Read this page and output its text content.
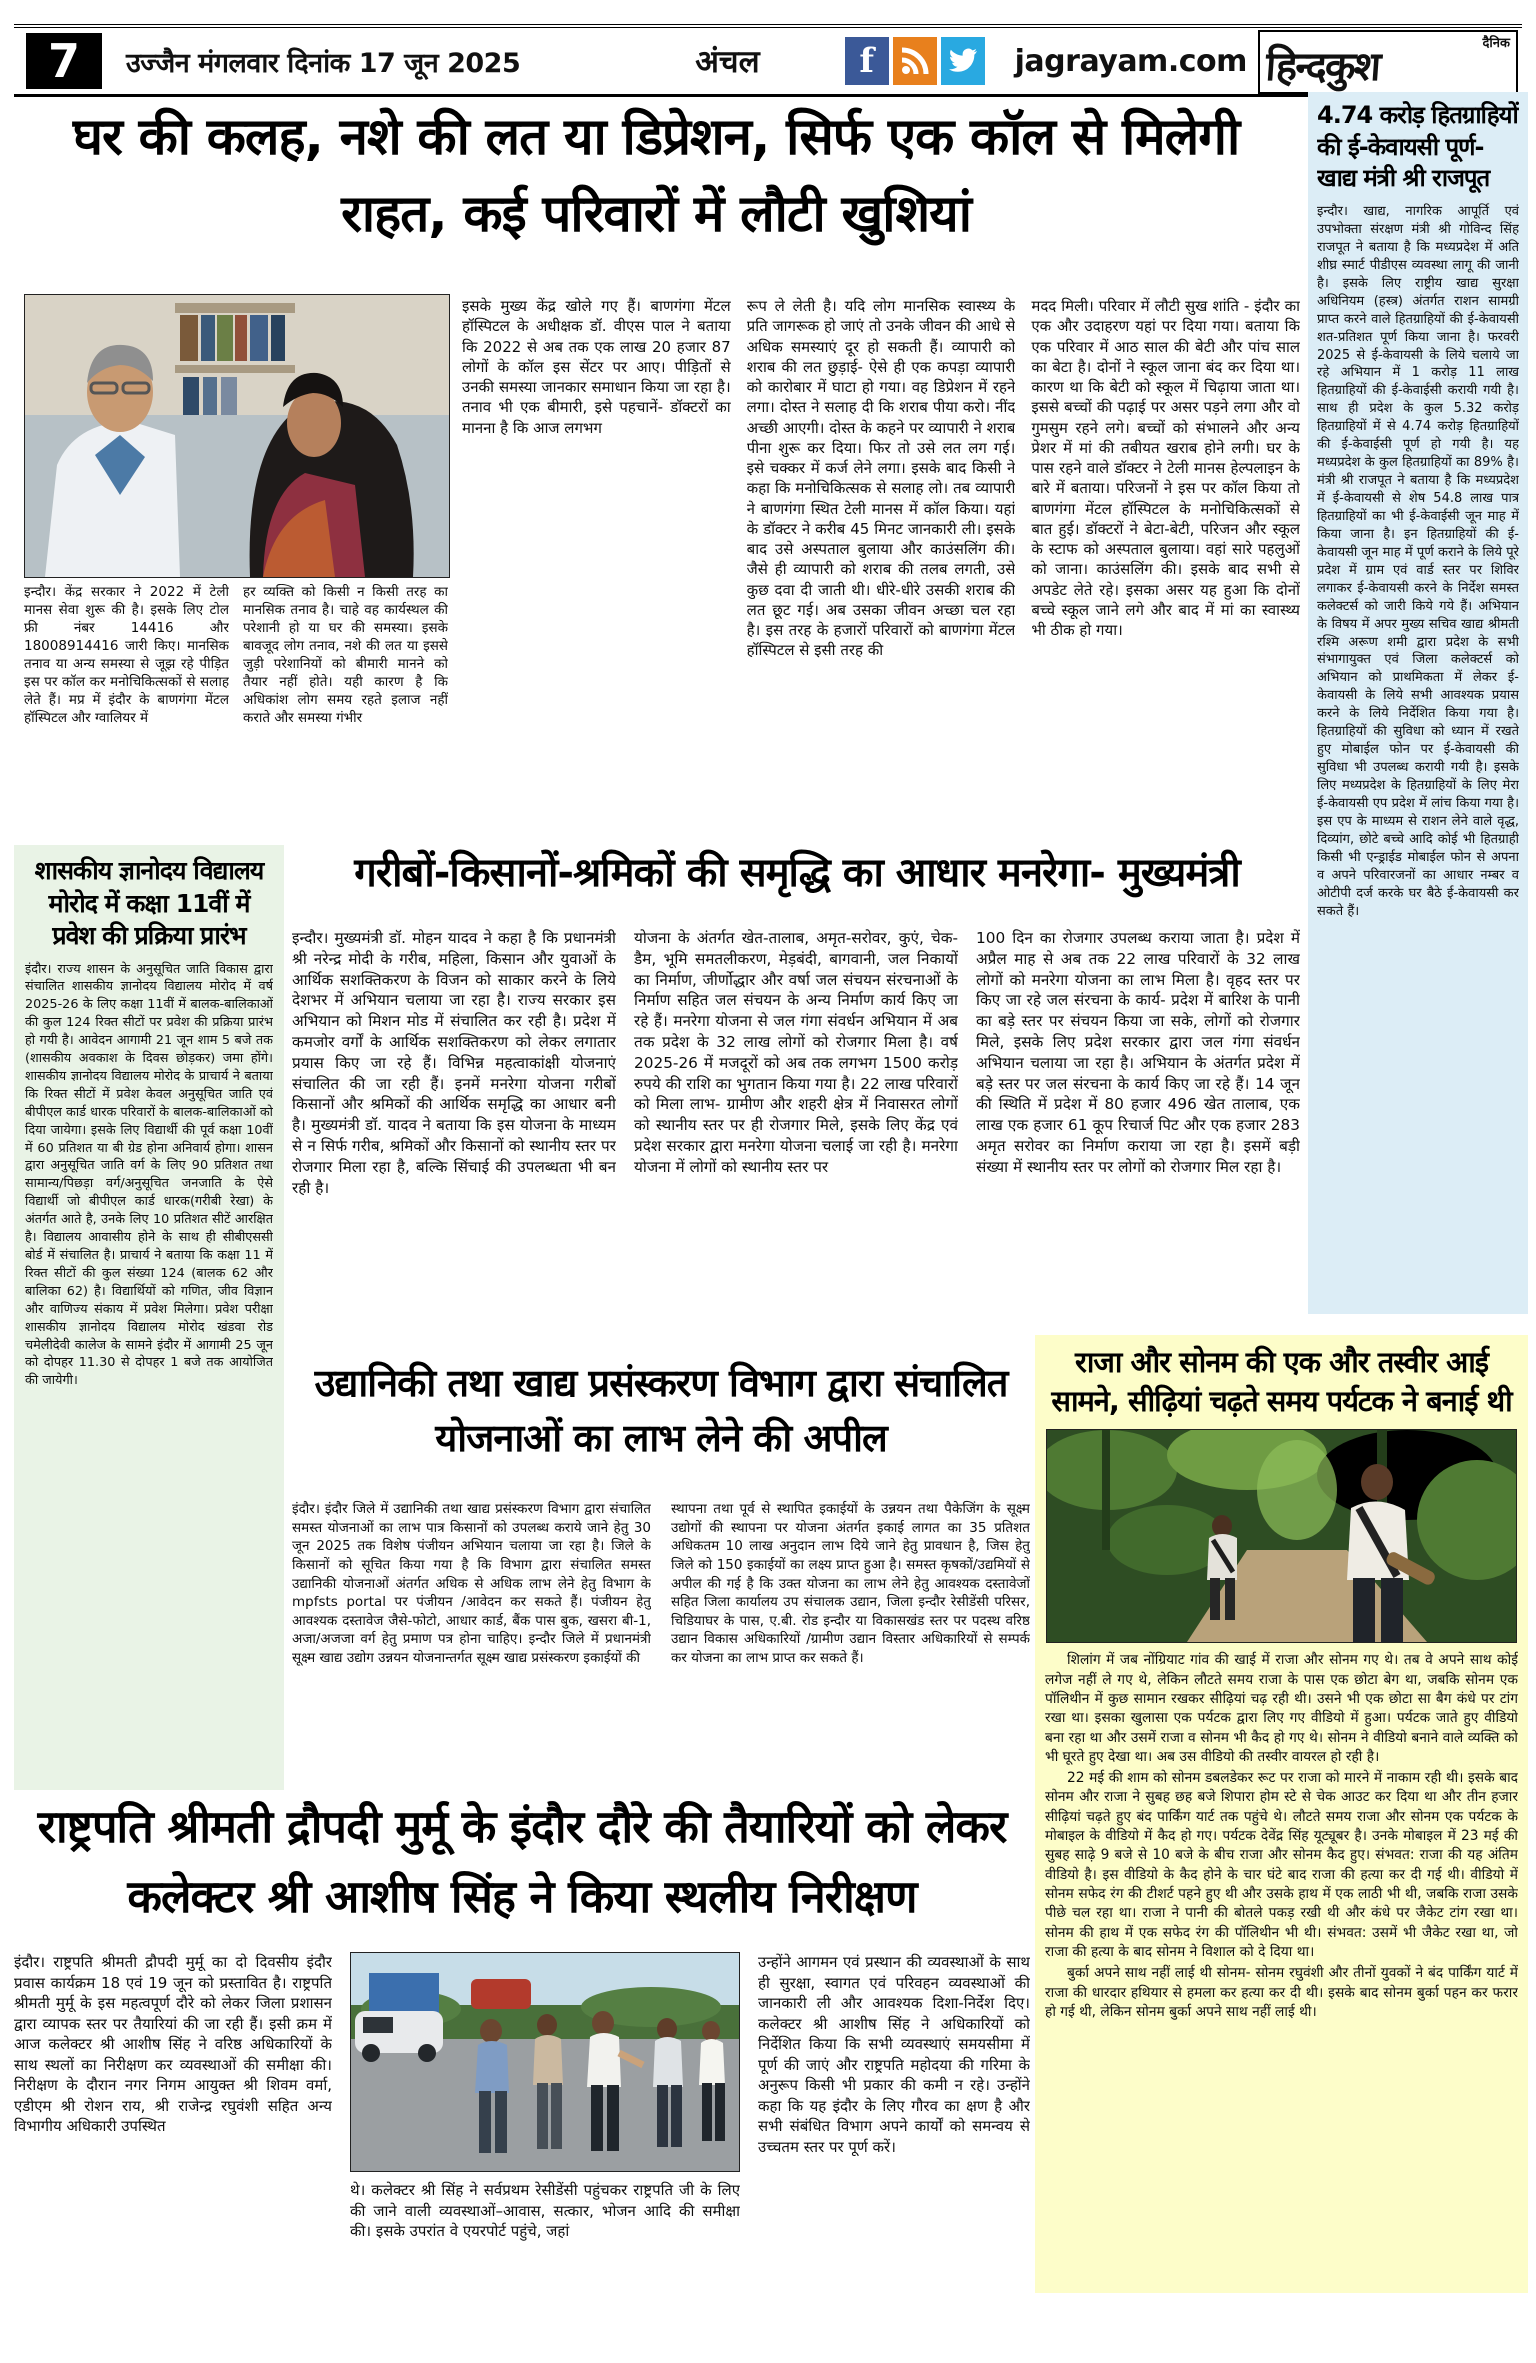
7	उज्जैन मंगलवार दिनांक 17 जून 2025	अंचल	f	jagrayam.com	दैनिक
हिन्दकुश
घर की कलह, नशे की लत या डिप्रेशन, सिर्फ एक कॉल से मिलेगी राहत, कई परिवारों में लौटी खुशियां
इन्दौर। केंद्र सरकार ने 2022 में टेली मानस सेवा शुरू की है। इसके लिए टोल फ्री नंबर 14416 और 18008914416 जारी किए। मानसिक तनाव या अन्य समस्या से जूझ रहे पीड़ित इस पर कॉल कर मनोचिकित्सकों से सलाह लेते हैं। मप्र में इंदौर के बाणगंगा मेंटल हॉस्पिटल और ग्वालियर में
हर व्यक्ति को किसी न किसी तरह का मानसिक तनाव है। चाहे वह कार्यस्थल की परेशानी हो या घर की समस्या। इसके बावजूद लोग तनाव, नशे की लत या इससे जुड़ी परेशानियों को बीमारी मानने को तैयार नहीं होते। यही कारण है कि अधिकांश लोग समय रहते इलाज नहीं कराते और समस्या गंभीर
इसके मुख्य केंद्र खोले गए हैं। बाणगंगा मेंटल हॉस्पिटल के अधीक्षक डॉ. वीएस पाल ने बताया कि 2022 से अब तक एक लाख 20 हजार 87 लोगों के कॉल इस सेंटर पर आए। पीड़ितों से उनकी समस्या जानकार समाधान किया जा रहा है। तनाव भी एक बीमारी, इसे पहचानें- डॉक्टरों का मानना है कि आज लगभग
रूप ले लेती है। यदि लोग मानसिक स्वास्थ्य के प्रति जागरूक हो जाएं तो उनके जीवन की आधे से अधिक समस्याएं दूर हो सकती हैं। व्यापारी को शराब की लत छुड़ाई- ऐसे ही एक कपड़ा व्यापारी को कारोबार में घाटा हो गया। वह डिप्रेशन में रहने लगा। दोस्त ने सलाह दी कि शराब पीया करो। नींद अच्छी आएगी। दोस्त के कहने पर व्यापारी ने शराब पीना शुरू कर दिया। फिर तो उसे लत लग गई। इसे चक्कर में कर्ज लेने लगा। इसके बाद किसी ने कहा कि मनोचिकित्सक से सलाह लो। तब व्यापारी ने बाणगंगा स्थित टेली मानस में कॉल किया। यहां के डॉक्टर ने करीब 45 मिनट जानकारी ली। इसके बाद उसे अस्पताल बुलाया और काउंसलिंग की। जैसे ही व्यापारी को शराब की तलब लगती, उसे कुछ दवा दी जाती थी। धीरे-धीरे उसकी शराब की लत छूट गई। अब उसका जीवन अच्छा चल रहा है। इस तरह के हजारों परिवारों को बाणगंगा मेंटल हॉस्पिटल से इसी तरह की
मदद मिली। परिवार में लौटी सुख शांति - इंदौर का एक और उदाहरण यहां पर दिया गया। बताया कि एक परिवार में आठ साल की बेटी और पांच साल का बेटा है। दोनों ने स्कूल जाना बंद कर दिया था। कारण था कि बेटी को स्कूल में चिढ़ाया जाता था। इससे बच्चों की पढ़ाई पर असर पड़ने लगा और वो गुमसुम रहने लगे। बच्चों को संभालने और अन्य प्रेशर में मां की तबीयत खराब होने लगी। घर के पास रहने वाले डॉक्टर ने टेली मानस हेल्पलाइन के बारे में बताया। परिजनों ने इस पर कॉल किया तो बाणगंगा मेंटल हॉस्पिटल के मनोचिकित्सकों से बात हुई। डॉक्टरों ने बेटा-बेटी, परिजन और स्कूल के स्टाफ को अस्पताल बुलाया। वहां सारे पहलुओं को जाना। काउंसलिंग की। इसके बाद सभी से अपडेट लेते रहे। इसका असर यह हुआ कि दोनों बच्चे स्कूल जाने लगे और बाद में मां का स्वास्थ्य भी ठीक हो गया।
4.74 करोड़ हितग्राहियों की ई-केवायसी पूर्ण- खाद्य मंत्री श्री राजपूत
इन्दौर। खाद्य, नागरिक आपूर्ति एवं उपभोक्ता संरक्षण मंत्री श्री गोविन्द सिंह राजपूत ने बताया है कि मध्यप्रदेश में अति शीघ्र स्मार्ट पीडीएस व्यवस्था लागू की जानी है। इसके लिए राष्ट्रीय खाद्य सुरक्षा अधिनियम (हस्त्र) अंतर्गत राशन सामग्री प्राप्त करने वाले हितग्राहियों की ई-केवायसी शत-प्रतिशत पूर्ण किया जाना है। फरवरी 2025 से ई-केवायसी के लिये चलाये जा रहे अभियान में 1 करोड़ 11 लाख हितग्राहियों की ई-केवाईसी करायी गयी है। साथ ही प्रदेश के कुल 5.32 करोड़ हितग्राहियों में से 4.74 करोड़ हितग्राहियों की ई-केवाईसी पूर्ण हो गयी है। यह मध्यप्रदेश के कुल हितग्राहियों का 89% है। मंत्री श्री राजपूत ने बताया है कि मध्यप्रदेश में ई-केवायसी से शेष 54.8 लाख पात्र हितग्राहियों का भी ई-केवाईसी जून माह में किया जाना है। इन हितग्राहियों की ई-केवायसी जून माह में पूर्ण कराने के लिये पूरे प्रदेश में ग्राम एवं वार्ड स्तर पर शिविर लगाकर ई-केवायसी करने के निर्देश समस्त कलेक्टर्स को जारी किये गये हैं। अभियान के विषय में अपर मुख्य सचिव खाद्य श्रीमती रश्मि अरूण शमी द्वारा प्रदेश के सभी संभागायुक्त एवं जिला कलेक्टर्स को अभियान को प्राथमिकता में लेकर ई-केवायसी के लिये सभी आवश्यक प्रयास करने के लिये निर्देशित किया गया है। हितग्राहियों की सुविधा को ध्यान में रखते हुए मोबाईल फोन पर ई-केवायसी की सुविधा भी उपलब्ध करायी गयी है। इसके लिए मध्यप्रदेश के हितग्राहियों के लिए मेरा ई-केवायसी एप प्रदेश में लांच किया गया है। इस एप के माध्यम से राशन लेने वाले वृद्ध, दिव्यांग, छोटे बच्चे आदि कोई भी हितग्राही किसी भी एन्ड्राईड मोबाईल फोन से अपना व अपने परिवारजनों का आधार नम्बर व ओटीपी दर्ज करके घर बैठे ई-केवायसी कर सकते हैं।
शासकीय ज्ञानोदय विद्यालय मोरोद में कक्षा 11वीं में प्रवेश की प्रक्रिया प्रारंभ
इंदौर। राज्य शासन के अनुसूचित जाति विकास द्वारा संचालित शासकीय ज्ञानोदय विद्यालय मोरोद में वर्ष 2025-26 के लिए कक्षा 11वीं में बालक-बालिकाओं की कुल 124 रिक्त सीटों पर प्रवेश की प्रक्रिया प्रारंभ हो गयी है। आवेदन आगामी 21 जून शाम 5 बजे तक (शासकीय अवकाश के दिवस छोड़कर) जमा होंगे। शासकीय ज्ञानोदय विद्यालय मोरोद के प्राचार्य ने बताया कि रिक्त सीटों में प्रवेश केवल अनुसूचित जाति एवं बीपीएल कार्ड धारक परिवारों के बालक-बालिकाओं को दिया जायेगा। इसके लिए विद्यार्थी की पूर्व कक्षा 10वीं में 60 प्रतिशत या बी ग्रेड होना अनिवार्य होगा। शासन द्वारा अनुसूचित जाति वर्ग के लिए 90 प्रतिशत तथा सामान्य/पिछड़ा वर्ग/अनुसूचित जनजाति के ऐसे विद्यार्थी जो बीपीएल कार्ड धारक(गरीबी रेखा) के अंतर्गत आते है, उनके लिए 10 प्रतिशत सीटें आरक्षित है। विद्यालय आवासीय होने के साथ ही सीबीएससी बोर्ड में संचालित है। प्राचार्य ने बताया कि कक्षा 11 में रिक्त सीटों की कुल संख्या 124 (बालक 62 और बालिका 62) है। विद्यार्थियों को गणित, जीव विज्ञान और वाणिज्य संकाय में प्रवेश मिलेगा। प्रवेश परीक्षा शासकीय ज्ञानोदय विद्यालय मोरोद खंडवा रोड चमेलीदेवी कालेज के सामने इंदौर में आगामी 25 जून को दोपहर 11.30 से दोपहर 1 बजे तक आयोजित की जायेगी।
गरीबों-किसानों-श्रमिकों की समृद्धि का आधार मनरेगा- मुख्यमंत्री
इन्दौर। मुख्यमंत्री डॉ. मोहन यादव ने कहा है कि प्रधानमंत्री श्री नरेन्द्र मोदी के गरीब, महिला, किसान और युवाओं के आर्थिक सशक्तिकरण के विजन को साकार करने के लिये देशभर में अभियान चलाया जा रहा है। राज्य सरकार इस अभियान को मिशन मोड में संचालित कर रही है। प्रदेश में कमजोर वर्गों के आर्थिक सशक्तिकरण को लेकर लगातार प्रयास किए जा रहे हैं। विभिन्न महत्वाकांक्षी योजनाएं संचालित की जा रही हैं। इनमें मनरेगा योजना गरीबों किसानों और श्रमिकों की आर्थिक समृद्धि का आधार बनी है। मुख्यमंत्री डॉ. यादव ने बताया कि इस योजना के माध्यम से न सिर्फ गरीब, श्रमिकों और किसानों को स्थानीय स्तर पर रोजगार मिला रहा है, बल्कि सिंचाई की उपलब्धता भी बन रही है।
योजना के अंतर्गत खेत-तालाब, अमृत-सरोवर, कुएं, चेक-डैम, भूमि समतलीकरण, मेड़बंदी, बागवानी, जल निकायों का निर्माण, जीर्णोद्धार और वर्षा जल संचयन संरचनाओं के निर्माण सहित जल संचयन के अन्य निर्माण कार्य किए जा रहे हैं। मनरेगा योजना से जल गंगा संवर्धन अभियान में अब तक प्रदेश के 32 लाख लोगों को रोजगार मिला है। वर्ष 2025-26 में मजदूरों को अब तक लगभग 1500 करोड़ रुपये की राशि का भुगतान किया गया है। 22 लाख परिवारों को मिला लाभ- ग्रामीण और शहरी क्षेत्र में निवासरत लोगों को स्थानीय स्तर पर ही रोजगार मिले, इसके लिए केंद्र एवं प्रदेश सरकार द्वारा मनरेगा योजना चलाई जा रही है। मनरेगा योजना में लोगों को स्थानीय स्तर पर
100 दिन का रोजगार उपलब्ध कराया जाता है। प्रदेश में अप्रैल माह से अब तक 22 लाख परिवारों के 32 लाख लोगों को मनरेगा योजना का लाभ मिला है। वृहद स्तर पर किए जा रहे जल संरचना के कार्य- प्रदेश में बारिश के पानी का बड़े स्तर पर संचयन किया जा सके, लोगों को रोजगार मिले, इसके लिए प्रदेश सरकार द्वारा जल गंगा संवर्धन अभियान चलाया जा रहा है। अभियान के अंतर्गत प्रदेश में बड़े स्तर पर जल संरचना के कार्य किए जा रहे हैं। 14 जून की स्थिति में प्रदेश में 80 हजार 496 खेत तालाब, एक लाख एक हजार 61 कूप रिचार्ज पिट और एक हजार 283 अमृत सरोवर का निर्माण कराया जा रहा है। इसमें बड़ी संख्या में स्थानीय स्तर पर लोगों को रोजगार मिल रहा है।
उद्यानिकी तथा खाद्य प्रसंस्करण विभाग द्वारा संचालित योजनाओं का लाभ लेने की अपील
इंदौर। इंदौर जिले में उद्यानिकी तथा खाद्य प्रसंस्करण विभाग द्वारा संचालित समस्त योजनाओं का लाभ पात्र किसानों को उपलब्ध कराये जाने हेतु 30 जून 2025 तक विशेष पंजीयन अभियान चलाया जा रहा है। जिले के किसानों को सूचित किया गया है कि विभाग द्वारा संचालित समस्त उद्यानिकी योजनाओं अंतर्गत अधिक से अधिक लाभ लेने हेतु विभाग के mpfsts portal पर पंजीयन /आवेदन कर सकते हैं। पंजीयन हेतु आवश्यक दस्तावेज जैसे-फोटो, आधार कार्ड, बैंक पास बुक, खसरा बी-1, अजा/अजजा वर्ग हेतु प्रमाण पत्र होना चाहिए। इन्दौर जिले में प्रधानमंत्री सूक्ष्म खाद्य उद्योग उन्नयन योजनान्तर्गत सूक्ष्म खाद्य प्रसंस्करण इकाईयों की
स्थापना तथा पूर्व से स्थापित इकाईयों के उन्नयन तथा पैकेजिंग के सूक्ष्म उद्योगों की स्थापना पर योजना अंतर्गत इकाई लागत का 35 प्रतिशत अधिकतम 10 लाख अनुदान लाभ दिये जाने हेतु प्रावधान है, जिस हेतु जिले को 150 इकाईयों का लक्ष्य प्राप्त हुआ है। समस्त कृषकों/उद्यमियों से अपील की गई है कि उक्त योजना का लाभ लेने हेतु आवश्यक दस्तावेजों सहित जिला कार्यालय उप संचालक उद्यान, जिला इन्दौर रेसीडेंसी परिसर, चिडियाघर के पास, ए.बी. रोड इन्दौर या विकासखंड स्तर पर पदस्थ वरिष्ठ उद्यान विकास अधिकारियों /ग्रामीण उद्यान विस्तार अधिकारियों से सम्पर्क कर योजना का लाभ प्राप्त कर सकते हैं।
राजा और सोनम की एक और तस्वीर आई सामने, सीढ़ियां चढ़ते समय पर्यटक ने बनाई थी

शिलांग में जब नोंग्रियाट गांव की खाई में राजा और सोनम गए थे। तब वे अपने साथ कोई लगेज नहीं ले गए थे, लेकिन लौटते समय राजा के पास एक छोटा बेग था, जबकि सोनम एक पॉलिथीन में कुछ सामान रखकर सीढ़ियां चढ़ रही थी। उसने भी एक छोटा सा बैग कंधे पर टांग रखा था। इसका खुलासा एक पर्यटक द्वारा लिए गए वीडियो में हुआ। पर्यटक जाते हुए वीडियो बना रहा था और उसमें राजा व सोनम भी कैद हो गए थे। सोनम ने वीडियो बनाने वाले व्यक्ति को भी घूरते हुए देखा था। अब उस वीडियो की तस्वीर वायरल हो रही है।

22 मई की शाम को सोनम डबलडेकर रूट पर राजा को मारने में नाकाम रही थी। इसके बाद सोनम और राजा ने सुबह छह बजे शिपारा होम स्टे से चेक आउट कर दिया था और तीन हजार सीढ़ियां चढ़ते हुए बंद पार्किंग यार्ट तक पहुंचे थे। लौटते समय राजा और सोनम एक पर्यटक के मोबाइल के वीडियो में कैद हो गए। पर्यटक देवेंद्र सिंह यूट्यूबर है। उनके मोबाइल में 23 मई की सुबह साढ़े 9 बजे से 10 बजे के बीच राजा और सोनम कैद हुए। संभवत: राजा की यह अंतिम वीडियो है। इस वीडियो के कैद होने के चार घंटे बाद राजा की हत्या कर दी गई थी। वीडियो में सोनम सफेद रंग की टीशर्ट पहने हुए थी और उसके हाथ में एक लाठी भी थी, जबकि राजा उसके पीछे चल रहा था। राजा ने पानी की बोतले पकड़ रखी थी और कंधे पर जैकेट टांग रखा था। सोनम की हाथ में एक सफेद रंग की पॉलिथीन भी थी। संभवत: उसमें भी जैकेट रखा था, जो राजा की हत्या के बाद सोनम ने विशाल को दे दिया था।

बुर्का अपने साथ नहीं लाई थी सोनम- सोनम रघुवंशी और तीनों युवकों ने बंद पार्किंग यार्ट में राजा की धारदार हथियार से हमला कर हत्या कर दी थी। इसके बाद सोनम बुर्का पहन कर फरार हो गई थी, लेकिन सोनम बुर्का अपने साथ नहीं लाई थी।

राष्ट्रपति श्रीमती द्रौपदी मुर्मू के इंदौर दौरे की तैयारियों को लेकर कलेक्टर श्री आशीष सिंह ने किया स्थलीय निरीक्षण
इंदौर। राष्ट्रपति श्रीमती द्रौपदी मुर्मू का दो दिवसीय इंदौर प्रवास कार्यक्रम 18 एवं 19 जून को प्रस्तावित है। राष्ट्रपति श्रीमती मुर्मू के इस महत्वपूर्ण दौरे को लेकर जिला प्रशासन द्वारा व्यापक स्तर पर तैयारियां की जा रही हैं। इसी क्रम में आज कलेक्टर श्री आशीष सिंह ने वरिष्ठ अधिकारियों के साथ स्थलों का निरीक्षण कर व्यवस्थाओं की समीक्षा की। निरीक्षण के दौरान नगर निगम आयुक्त श्री शिवम वर्मा, एडीएम श्री रोशन राय, श्री राजेन्द्र रघुवंशी सहित अन्य विभागीय अधिकारी उपस्थित
थे। कलेक्टर श्री सिंह ने सर्वप्रथम रेसीडेंसी पहुंचकर राष्ट्रपति जी के लिए की जाने वाली व्यवस्थाओं–आवास, सत्कार, भोजन आदि की समीक्षा की। इसके उपरांत वे एयरपोर्ट पहुंचे, जहां
उन्होंने आगमन एवं प्रस्थान की व्यवस्थाओं के साथ ही सुरक्षा, स्वागत एवं परिवहन व्यवस्थाओं की जानकारी ली और आवश्यक दिशा-निर्देश दिए। कलेक्टर श्री आशीष सिंह ने अधिकारियों को निर्देशित किया कि सभी व्यवस्थाएं समयसीमा में पूर्ण की जाएं और राष्ट्रपति महोदया की गरिमा के अनुरूप किसी भी प्रकार की कमी न रहे। उन्होंने कहा कि यह इंदौर के लिए गौरव का क्षण है और सभी संबंधित विभाग अपने कार्यों को समन्वय से उच्चतम स्तर पर पूर्ण करें।
